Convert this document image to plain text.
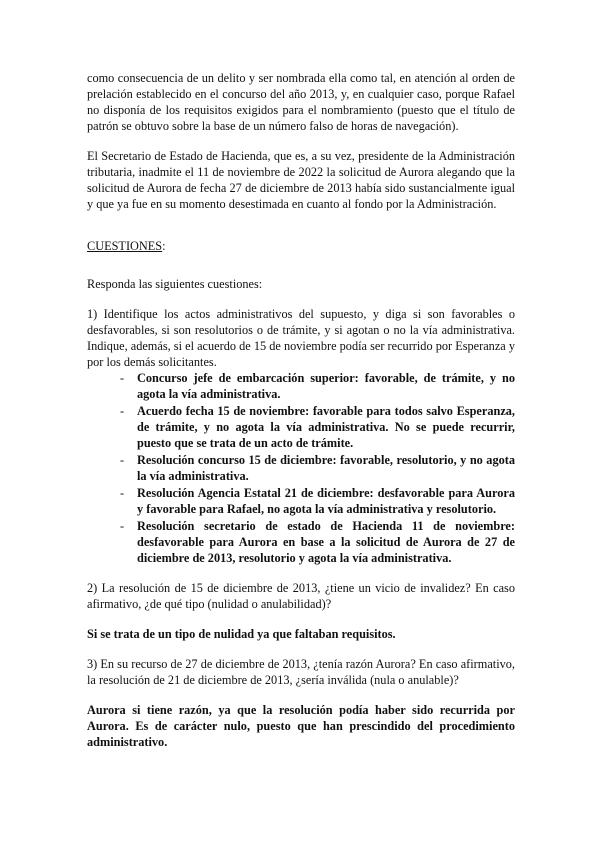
como consecuencia de un delito y ser nombrada ella como tal, en atención al orden de prelación establecido en el concurso del año 2013, y, en cualquier caso, porque Rafael no disponía de los requisitos exigidos para el nombramiento (puesto que el título de patrón se obtuvo sobre la base de un número falso de horas de navegación).

El Secretario de Estado de Hacienda, que es, a su vez, presidente de la Administración tributaria, inadmite el 11 de noviembre de 2022 la solicitud de Aurora alegando que la solicitud de Aurora de fecha 27 de diciembre de 2013 había sido sustancialmente igual y que ya fue en su momento desestimada en cuanto al fondo por la Administración.

CUESTIONES:

Responda las siguientes cuestiones:

1) Identifique los actos administrativos del supuesto, y diga si son favorables o desfavorables, si son resolutorios o de trámite, y si agotan o no la vía administrativa. Indique, además, si el acuerdo de 15 de noviembre podía ser recurrido por Esperanza y por los demás solicitantes.

- Concurso jefe de embarcación superior: favorable, de trámite, y no agota la vía administrativa.
- Acuerdo fecha 15 de noviembre: favorable para todos salvo Esperanza, de trámite, y no agota la vía administrativa. No se puede recurrir, puesto que se trata de un acto de trámite.
- Resolución concurso 15 de diciembre: favorable, resolutorio, y no agota la vía administrativa.
- Resolución Agencia Estatal 21 de diciembre: desfavorable para Aurora y favorable para Rafael, no agota la vía administrativa y resolutorio.
- Resolución secretario de estado de Hacienda 11 de noviembre: desfavorable para Aurora en base a la solicitud de Aurora de 27 de diciembre de 2013, resolutorio y agota la vía administrativa.

2) La resolución de 15 de diciembre de 2013, ¿tiene un vicio de invalidez? En caso afirmativo, ¿de qué tipo (nulidad o anulabilidad)?

Si se trata de un tipo de nulidad ya que faltaban requisitos.

3) En su recurso de 27 de diciembre de 2013, ¿tenía razón Aurora? En caso afirmativo, la resolución de 21 de diciembre de 2013, ¿sería inválida (nula o anulable)?

Aurora si tiene razón, ya que la resolución podía haber sido recurrida por Aurora. Es de carácter nulo, puesto que han prescindido del procedimiento administrativo.
